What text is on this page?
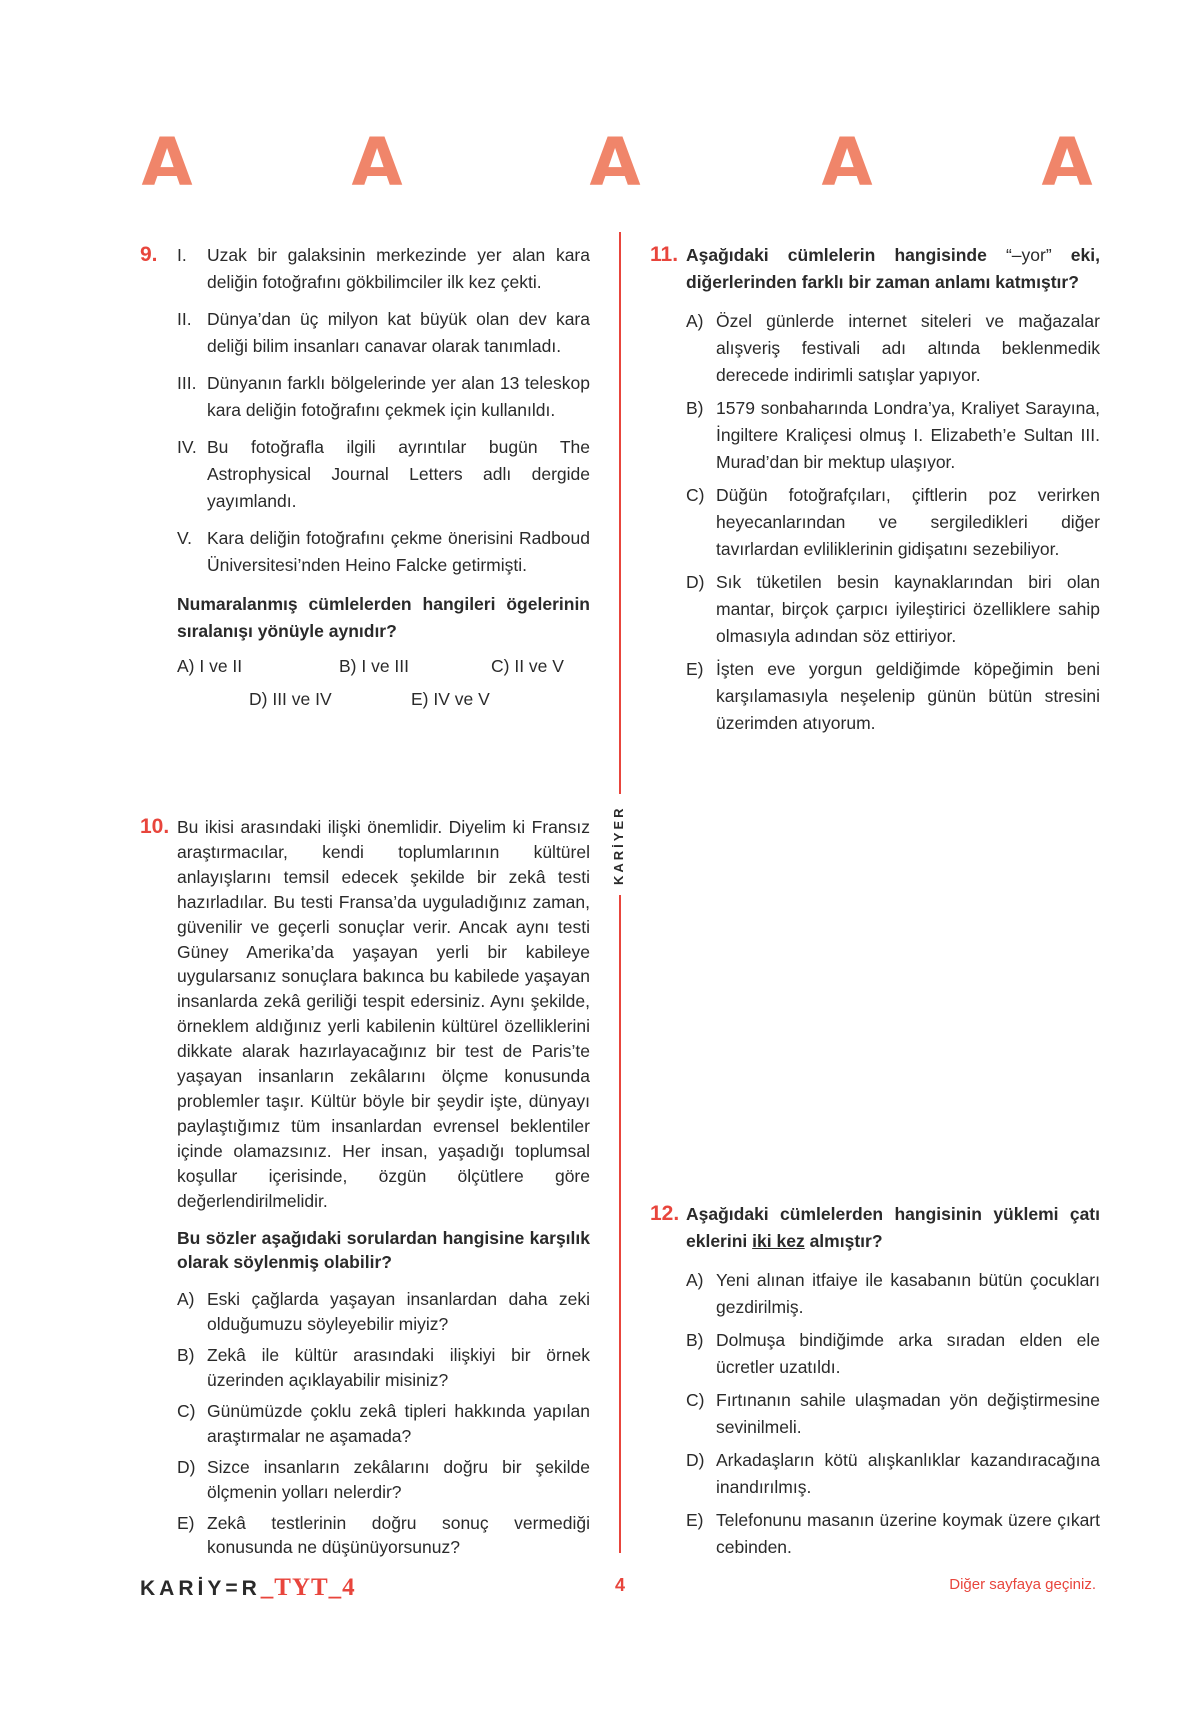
A A	A	A	A
KARİYER
9. I.	Uzak bir galaksinin merkezinde yer alan kara deliğin fotoğrafını gökbilimciler ilk kez çekti.
II. Dünya’dan üç milyon kat büyük olan dev kara deliği bilim insanları canavar olarak tanımladı.
III. Dünyanın farklı bölgelerinde yer alan 13 teleskop kara deliğin fotoğrafını çekmek için kullanıldı.
IV. Bu fotoğrafla ilgili ayrıntılar bugün The Astrophysical Journal Letters adlı dergide yayımlandı.
V. Kara deliğin fotoğrafını çekme önerisini Radboud Üniversitesi’nden Heino Falcke getirmişti.
Numaralanmış cümlelerden hangileri ögelerinin sıralanışı yönüyle aynıdır?
A) I ve II	B) I ve III	C) II ve V
D) III ve IV	E) IV ve V
10. Bu ikisi arasındaki ilişki önemlidir. Diyelim ki Fransız araştırmacılar, kendi toplumlarının kültürel anlayışlarını temsil edecek şekilde bir zekâ testi hazırladılar. Bu testi Fransa’da uyguladığınız zaman, güvenilir ve geçerli sonuçlar verir. Ancak aynı testi Güney Amerika’da yaşayan yerli bir kabileye uygularsanız sonuçlara bakınca bu kabilede yaşayan insanlarda zekâ geriliği tespit edersiniz. Aynı şekilde, örneklem aldığınız yerli kabilenin kültürel özelliklerini dikkate alarak hazırlayacağınız bir test de Paris’te yaşayan insanların zekâlarını ölçme konusunda problemler taşır. Kültür böyle bir şeydir işte, dünyayı paylaştığımız tüm insanlardan evrensel beklentiler içinde olamazsınız. Her insan, yaşadığı toplumsal koşullar içerisinde, özgün ölçütlere göre değerlendirilmelidir.
Bu sözler aşağıdaki sorulardan hangisine karşılık olarak söylenmiş olabilir?
A) Eski çağlarda yaşayan insanlardan daha zeki olduğumuzu söyleyebilir miyiz?
B) Zekâ ile kültür arasındaki ilişkiyi bir örnek üzerinden açıklayabilir misiniz?
C) Günümüzde çoklu zekâ tipleri hakkında yapılan araştırmalar ne aşamada?
D) Sizce insanların zekâlarını doğru bir şekilde ölçmenin yolları nelerdir?
E) Zekâ testlerinin doğru sonuç vermediği konusunda ne düşünüyorsunuz?
11. Aşağıdaki cümlelerin hangisinde “–yor” eki, diğerlerinden farklı bir zaman anlamı katmıştır?
A) Özel günlerde internet siteleri ve mağazalar alışveriş festivali adı altında beklenmedik derecede indirimli satışlar yapıyor.
B) 1579 sonbaharında Londra’ya, Kraliyet Sarayına, İngiltere Kraliçesi olmuş I. Elizabeth’e Sultan III. Murad’dan bir mektup ulaşıyor.
C) Düğün fotoğrafçıları, çiftlerin poz verirken heyecanlarından ve sergiledikleri diğer tavırlardan evliliklerinin gidişatını sezebiliyor.
D) Sık tüketilen besin kaynaklarından biri olan mantar, birçok çarpıcı iyileştirici özelliklere sahip olmasıyla adından söz ettiriyor.
E) İşten eve yorgun geldiğimde köpeğimin beni karşılamasıyla neşelenip günün bütün stresini üzerimden atıyorum.
12. Aşağıdaki cümlelerden hangisinin yüklemi çatı eklerini iki kez almıştır?
A) Yeni alınan itfaiye ile kasabanın bütün çocukları gezdirilmiş.
B) Dolmuşa bindiğimde arka sıradan elden ele ücretler uzatıldı.
C) Fırtınanın sahile ulaşmadan yön değiştirmesine sevinilmeli.
D) Arkadaşların kötü alışkanlıklar kazandıracağına inandırılmış.
E) Telefonunu masanın üzerine koymak üzere çıkart cebinden.
KARİY=R_TYT_4	4	Diğer sayfaya geçiniz.
